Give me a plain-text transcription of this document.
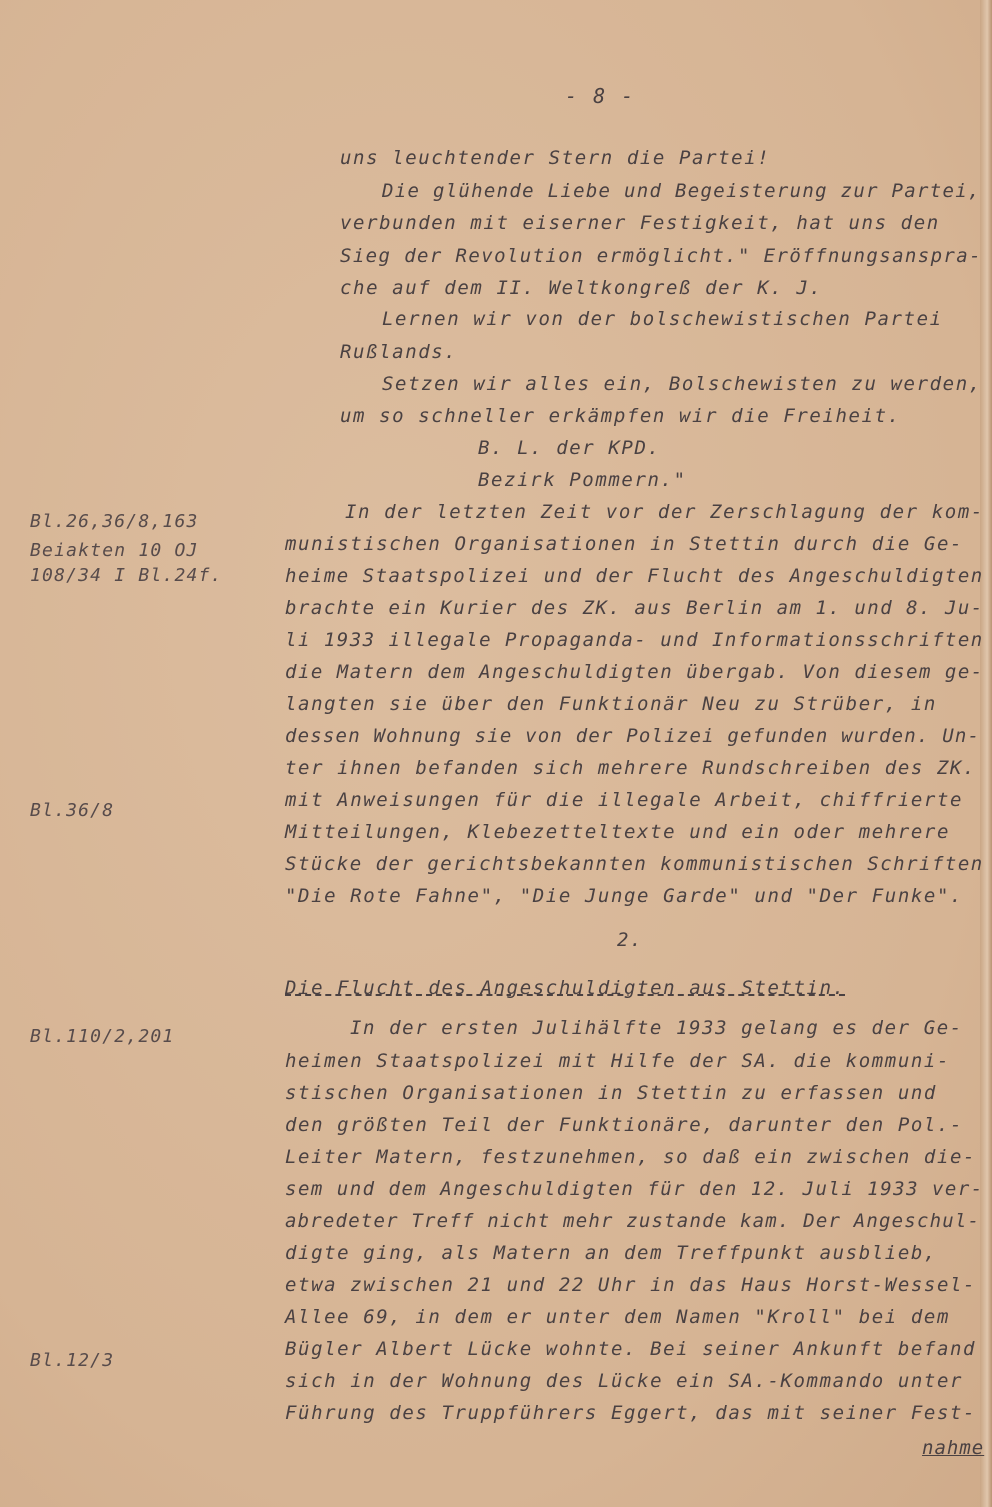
- 8 -
Bl.26,36/8,163
Beiakten 10 OJ
108/34 I Bl.24f.
Bl.36/8
Bl.110/2,201
Bl.12/3
uns leuchtender Stern die Partei!
Die glühende Liebe und Begeisterung zur Partei,
verbunden mit eiserner Festigkeit, hat uns den
Sieg der Revolution ermöglicht." Eröffnungsanspra-
che auf dem II. Weltkongreß der K. J.
Lernen wir von der bolschewistischen Partei
Rußlands.
Setzen wir alles ein, Bolschewisten zu werden,
um so schneller erkämpfen wir die Freiheit.
B. L. der KPD.
Bezirk Pommern."
In der letzten Zeit vor der Zerschlagung der kom-
munistischen Organisationen in Stettin durch die Ge-
heime Staatspolizei und der Flucht des Angeschuldigten
brachte ein Kurier des ZK. aus Berlin am 1. und 8. Ju-
li 1933 illegale Propaganda- und Informationsschriften
die Matern dem Angeschuldigten übergab. Von diesem ge-
langten sie über den Funktionär Neu zu Strüber, in
dessen Wohnung sie von der Polizei gefunden wurden. Un-
ter ihnen befanden sich mehrere Rundschreiben des ZK.
mit Anweisungen für die illegale Arbeit, chiffrierte
Mitteilungen, Klebezetteltexte und ein oder mehrere
Stücke der gerichtsbekannten kommunistischen Schriften
"Die Rote Fahne", "Die Junge Garde" und "Der Funke".
2.
Die Flucht des Angeschuldigten aus Stettin.
In der ersten Julihälfte 1933 gelang es der Ge-
heimen Staatspolizei mit Hilfe der SA. die kommuni-
stischen Organisationen in Stettin zu erfassen und
den größten Teil der Funktionäre, darunter den Pol.-
Leiter Matern, festzunehmen, so daß ein zwischen die-
sem und dem Angeschuldigten für den 12. Juli 1933 ver-
abredeter Treff nicht mehr zustande kam. Der Angeschul-
digte ging, als Matern an dem Treffpunkt ausblieb,
etwa zwischen 21 und 22 Uhr in das Haus Horst-Wessel-
Allee 69, in dem er unter dem Namen "Kroll" bei dem
Bügler Albert Lücke wohnte. Bei seiner Ankunft befand
sich in der Wohnung des Lücke ein SA.-Kommando unter
Führung des Truppführers Eggert, das mit seiner Fest-
nahme
